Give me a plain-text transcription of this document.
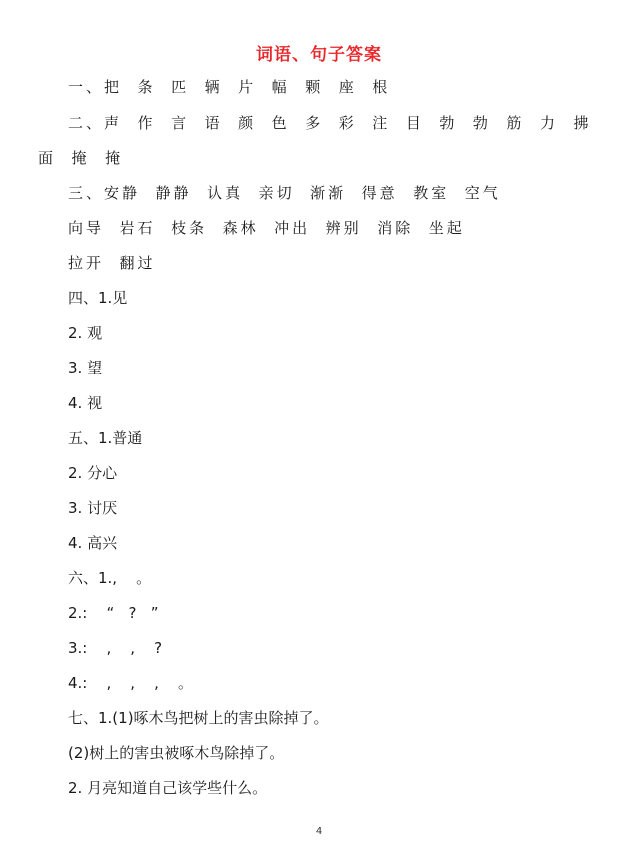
词语、句子答案
一、把  条  匹  辆  片  幅  颗  座  根
二、声  作  言  语  颜  色  多  彩  注  目  勃  勃  筋  力  拂
面  掩  掩
三、安静  静静  认真  亲切  渐渐  得意  教室  空气
向导  岩石  枝条  森林  冲出  辨别  消除  坐起
拉开  翻过
四、1.见
2. 观
3. 望
4. 视
五、1.普通
2. 分心
3. 讨厌
4. 高兴
六、1.,    。
2.:    “   ?   ”
3.:    ,    ,    ?
4.:    ,    ,    ,    。
七、1.(1)啄木鸟把树上的害虫除掉了。
(2)树上的害虫被啄木鸟除掉了。
2. 月亮知道自己该学些什么。
4
